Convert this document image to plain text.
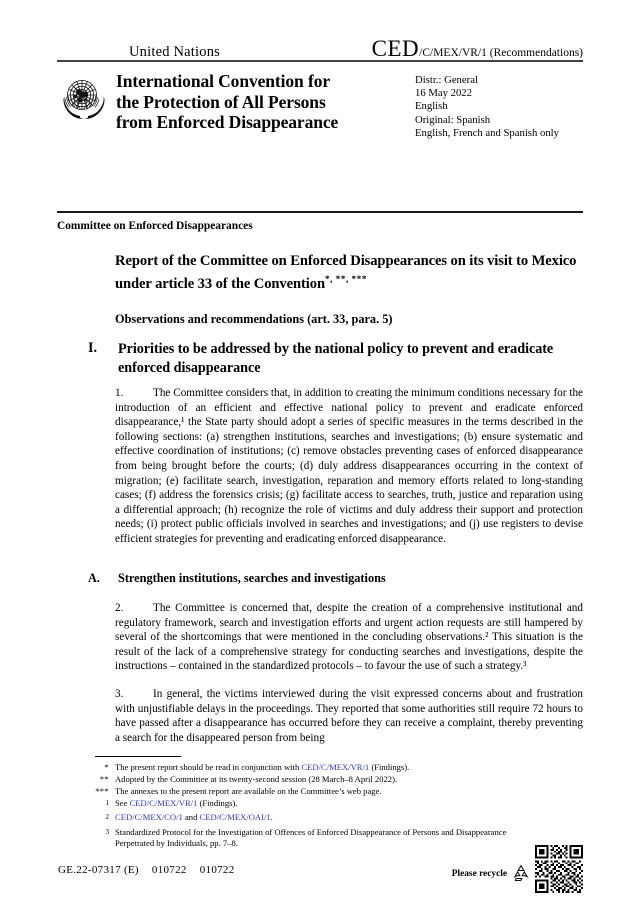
United Nations	CED/C/MEX/VR/1 (Recommendations)
International Convention for
the Protection of All Persons
from Enforced Disappearance
Distr.: General
16 May 2022
English
Original: Spanish
English, French and Spanish only
Committee on Enforced Disappearances
Report of the Committee on Enforced Disappearances on its visit to Mexico under article 33 of the Convention*, **, ***
Observations and recommendations (art. 33, para. 5)
I.	Priorities to be addressed by the national policy to prevent and eradicate enforced disappearance
1.	The Committee considers that, in addition to creating the minimum conditions necessary for the introduction of an efficient and effective national policy to prevent and eradicate enforced disappearance,¹ the State party should adopt a series of specific measures in the terms described in the following sections: (a) strengthen institutions, searches and investigations; (b) ensure systematic and effective coordination of institutions; (c) remove obstacles preventing cases of enforced disappearance from being brought before the courts; (d) duly address disappearances occurring in the context of migration; (e) facilitate search, investigation, reparation and memory efforts related to long-standing cases; (f) address the forensics crisis; (g) facilitate access to searches, truth, justice and reparation using a differential approach; (h) recognize the role of victims and duly address their support and protection needs; (i) protect public officials involved in searches and investigations; and (j) use registers to devise efficient strategies for preventing and eradicating enforced disappearance.
A.	Strengthen institutions, searches and investigations
2.	The Committee is concerned that, despite the creation of a comprehensive institutional and regulatory framework, search and investigation efforts and urgent action requests are still hampered by several of the shortcomings that were mentioned in the concluding observations.² This situation is the result of the lack of a comprehensive strategy for conducting searches and investigations, despite the instructions – contained in the standardized protocols – to favour the use of such a strategy.³
3.	In general, the victims interviewed during the visit expressed concerns about and frustration with unjustifiable delays in the proceedings. They reported that some authorities still require 72 hours to have passed after a disappearance has occurred before they can receive a complaint, thereby preventing a search for the disappeared person from being
* The present report should be read in conjunction with CED/C/MEX/VR/1 (Findings).
** Adopted by the Committee at its twenty-second session (28 March–8 April 2022).
*** The annexes to the present report are available on the Committee’s web page.
$^1$ See CED/C/MEX/VR/1 (Findings).
$^2$ CED/C/MEX/CO/1 and CED/C/MEX/OAI/1.
$^3$ Standardized Protocol for the Investigation of Offences of Enforced Disappearance of Persons and Disappearance Perpetrated by Individuals, pp. 7–8.
GE.22-07317 (E) 010722 010722	Please recycle
